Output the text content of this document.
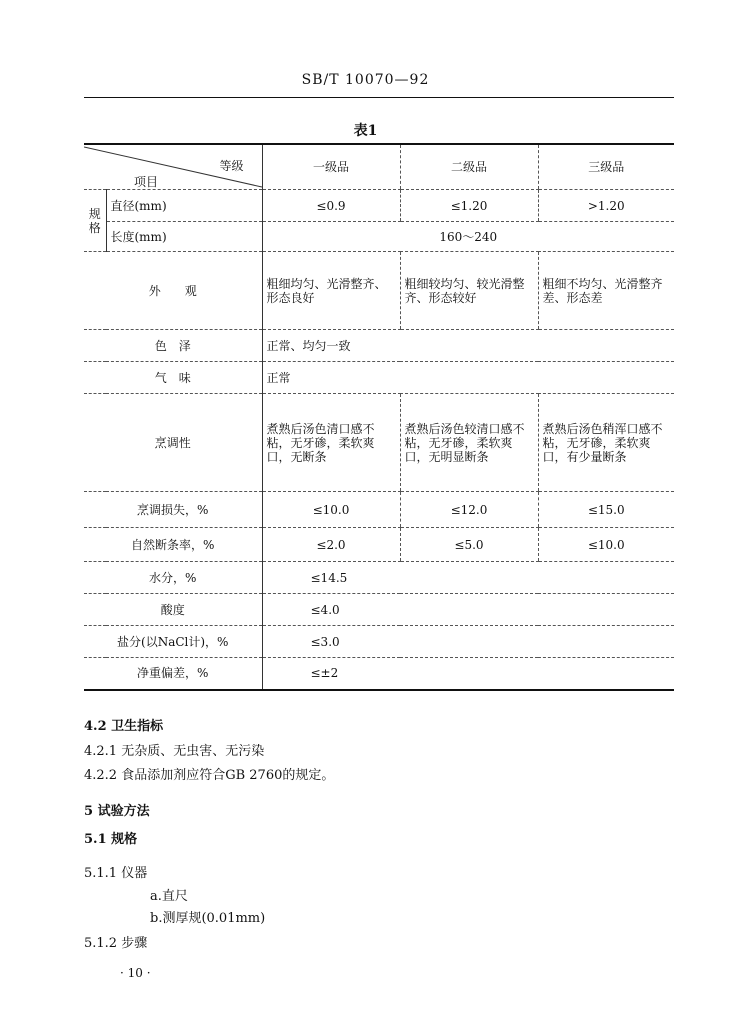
SB/T 10070—92
表1
等级
项目		一级品	二级品	三级品
规格	直径(mm)	≤0.9	≤1.20	>1.20
	长度(mm)	160～240		
外　　观		粗细均匀、光滑整齐、形态良好	粗细较均匀、较光滑整齐、形态较好	粗细不均匀、光滑整齐差、形态差
色　泽		正常、均匀一致		
气　味		正常		
烹调性		煮熟后汤色清口感不粘，无牙碜，柔软爽口，无断条	煮熟后汤色较清口感不粘，无牙碜，柔软爽口，无明显断条	煮熟后汤色稍浑口感不粘，无牙碜，柔软爽口，有少量断条
烹调损失，%		≤10.0	≤12.0	≤15.0
自然断条率，%		≤2.0	≤5.0	≤10.0
水分，%		≤14.5		
酸度		≤4.0		
盐分(以NaCl计)，%		≤3.0		
净重偏差，%		≤±2		
4.2 卫生指标
4.2.1 无杂质、无虫害、无污染
4.2.2 食品添加剂应符合GB 2760的规定。
5 试验方法
5.1 规格
5.1.1 仪器
a.直尺
b.测厚规(0.01mm)
5.1.2 步骤
· 10 ·
